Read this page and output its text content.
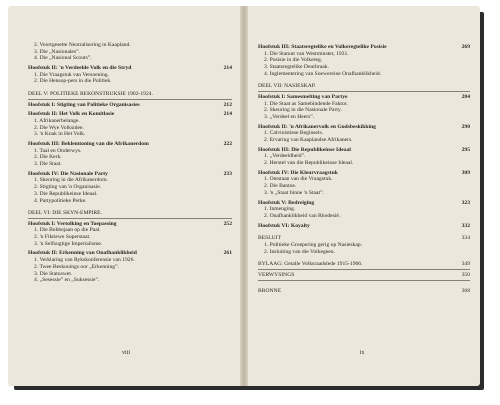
2. Voortgesette Neutralisering in Kaapland.
3. Die „Nasionales”.
4. Die „Nasional Scouts”.
Hoofstuk II: 'n Verdeelde Volk en die Stryd	214
1. Die Vraagstuk van Versoening.
2. Die Hensop-pers in die Politiek.
DEEL V: POLITIEKE REKONSTRUKSIE 1902-1924.
Hoofstuk I: Stigting van Politieke Organisasies	212
Hoofstuk II: Het Volk en Komitlasie	214
1. Afrikanerbelange.
2. Die Wye Volksidee.
3. 'n Knak in Het Volk.
Hoofstuk III: Beklemtoning van die Afrikanerdom	222
1. Taal en Onderwys.
2. Die Kerk.
3. Die Staat.
Hoofstuk IV: Die Nasionale Party	233
1. Skeuring in die Afrikanerdom.
2. Stigting van 'n Organisasie.
3. Die Republikeinse Ideaal.
4. Partypolitieke Perke.
DEEL VI: DIE SKYN-EMPIRE.
Hoofstuk I: Vertolking en Toepassing	252
1. Die Bobbejaan op die Paal.
2. 'n Fiktiewe Superstaat.
3. 'n Selfsugtige Imperialisme.
Hoofstuk II: Erkenning van Onafhanklikheid	261
1. Verklaring van Rykskonferensie van 1926.
2. Twee Beskouings oor „Erkenning”.
3. Die Statuswet.
4. „Sesessie” en „Suksessie”.
viii
Hoofstuk III: Staatsregtelike en Volkeregtelike Posisie	269
1. Die Statuut van Westminster, 1931.
2. Posisie in die Volkereg.
3. Staatsregtelike Deurbraak.
4. Inglementering van Soewereine Onafhanklikheid.
DEEL VII: NASIESKAP.
Hoofstuk I: Samesmelting van Partye	284
1. Die Staat as Samebindende Faktor.
2. Skeuring in die Nasionale Party.
3. „Verdeel en Heers”.
Hoofstuk II: 'n Afrikanervolk en Godsbeskikking	290
1. Calvinistiese Beginsels.
2. Ervaring van Kaaplandse Afrikaners.
Hoofstuk III: Die Republikeinse Ideaal	295
1. „Verdeeldheid”.
2. Herstel van die Republikeinse Ideaal.
Hoofstuk IV: Die Kleurvraagstuk	309
1. Ontstaan van die Vraagstuk.
2. Die Bantoe.
3. 'n „Staat binne 'n Staat”.
Hoofstuk V: Bedreiging	323
1. Inmenging.
2. Onafhanklikheid van Rhodesië.
Hoofstuk VI: Koyalty	332
BESLUIT	334
1. Politieke Groepering gerig op Nasieskap.
2. Insluiting van die Volkegeen.
BYLAAG: Getalle Volksraadslede 1915-1966.	349
VERWYSINGS	350
BRONNE	368
ix
